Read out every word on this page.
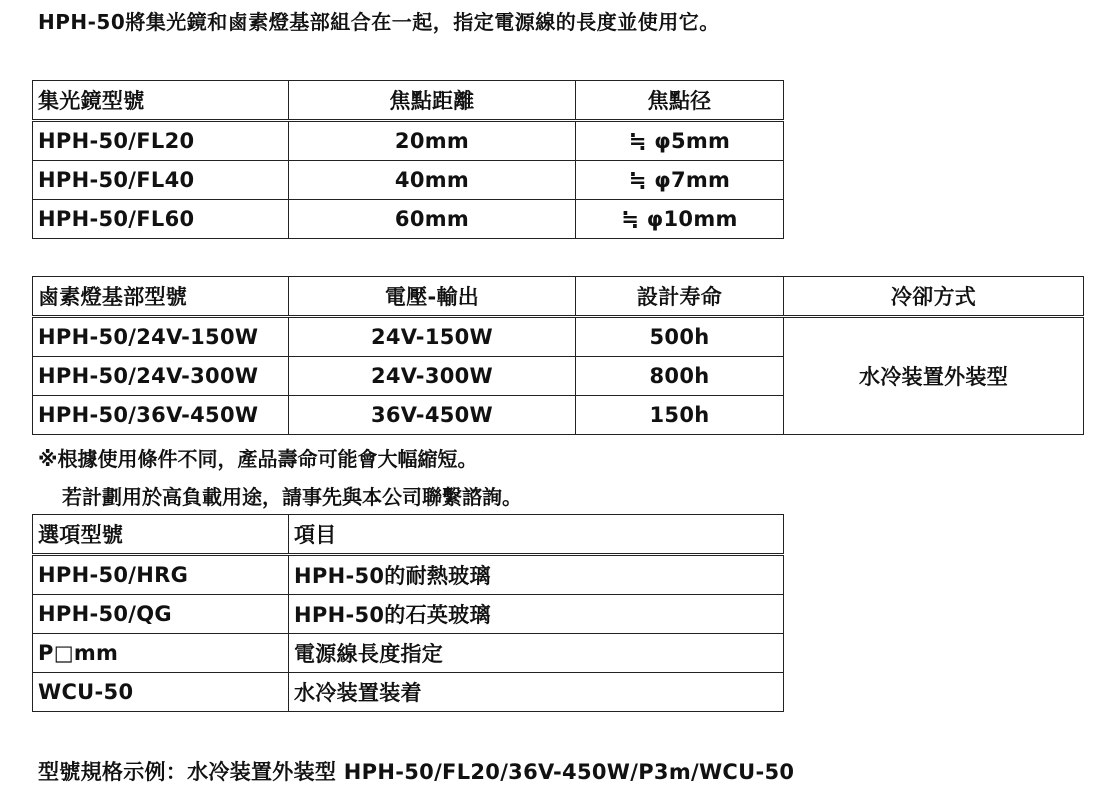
HPH-50將集光鏡和鹵素燈基部組合在一起，指定電源線的長度並使用它。
集光鏡型號	焦點距離	焦點径
HPH-50/FL20	20mm	≒ φ5mm
HPH-50/FL40	40mm	≒ φ7mm
HPH-50/FL60	60mm	≒ φ10mm
鹵素燈基部型號	電壓-輸出	設計寿命	冷卻方式
HPH-50/24V-150W	24V-150W	500h	水冷装置外装型
HPH-50/24V-300W	24V-300W	800h	
HPH-50/36V-450W	36V-450W	150h	
※根據使用條件不同，產品壽命可能會大幅縮短。
若計劃用於高負載用途，請事先與本公司聯繫諮詢。
選項型號	項目
HPH-50/HRG	HPH-50的耐熱玻璃
HPH-50/QG	HPH-50的石英玻璃
P□mm	電源線長度指定
WCU-50	水冷装置装着
型號規格示例：水冷装置外装型 HPH-50/FL20/36V-450W/P3m/WCU-50
